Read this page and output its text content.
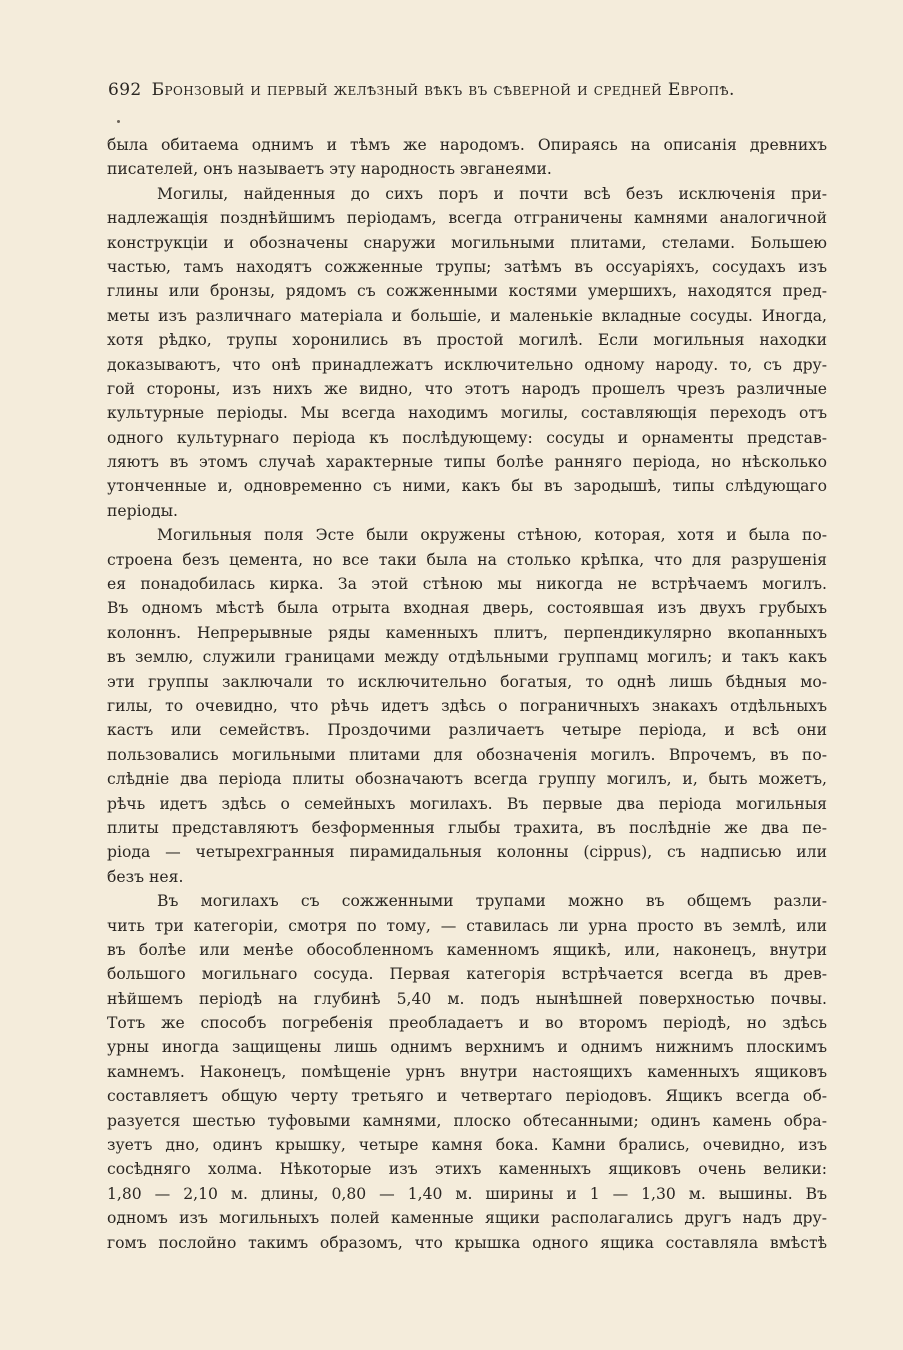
692 Бронзовый и первый желѣзный вѣкъ въ сѣверной и средней Европѣ.
была обитаема однимъ и тѣмъ же народомъ. Опираясь на описанія древнихъ
писателей, онъ называетъ эту народность эвганеями.
Могилы, найденныя до сихъ поръ и почти всѣ безъ исключенія при-
надлежащія позднѣйшимъ періодамъ, всегда отграничены камнями аналогичной
конструкціи и обозначены снаружи могильными плитами, стелами. Большею
частью, тамъ находятъ сожженные трупы; затѣмъ въ оссуаріяхъ, сосудахъ изъ
глины или бронзы, рядомъ съ сожженными костями умершихъ, находятся пред-
меты изъ различнаго матеріала и большіе, и маленькіе вкладные сосуды. Иногда,
хотя рѣдко, трупы хоронились въ простой могилѣ. Если могильныя находки
доказываютъ, что онѣ принадлежатъ исключительно одному народу. то, съ дру-
гой стороны, изъ нихъ же видно, что этотъ народъ прошелъ чрезъ различные
культурные періоды. Мы всегда находимъ могилы, составляющія переходъ отъ
одного культурнаго періода къ послѣдующему: сосуды и орнаменты представ-
ляютъ въ этомъ случаѣ характерные типы болѣе ранняго періода, но нѣсколько
утонченные и, одновременно съ ними, какъ бы въ зародышѣ, типы слѣдующаго
періоды.
Могильныя поля Эсте были окружены стѣною, которая, хотя и была по-
строена безъ цемента, но все таки была на столько крѣпка, что для разрушенія
ея понадобилась кирка. За этой стѣною мы никогда не встрѣчаемъ могилъ.
Въ одномъ мѣстѣ была отрыта входная дверь, состоявшая изъ двухъ грубыхъ
колоннъ. Непрерывные ряды каменныхъ плитъ, перпендикулярно вкопанныхъ
въ землю, служили границами между отдѣльными группамц могилъ; и такъ какъ
эти группы заключали то исключительно богатыя, то однѣ лишь бѣдныя мо-
гилы, то очевидно, что рѣчь идетъ здѣсь о пограничныхъ знакахъ отдѣльныхъ
кастъ или семействъ. Проздочими различаетъ четыре періода, и всѣ они
пользовались могильными плитами для обозначенія могилъ. Впрочемъ, въ по-
слѣдніе два періода плиты обозначаютъ всегда группу могилъ, и, быть можетъ,
рѣчь идетъ здѣсь о семейныхъ могилахъ. Въ первые два періода могильныя
плиты представляютъ безформенныя глыбы трахита, въ послѣдніе же два пе-
ріода — четырехгранныя пирамидальныя колонны (cippus), съ надписью или
безъ нея.
Въ могилахъ съ сожженными трупами можно въ общемъ разли-
чить три категоріи, смотря по тому, — ставилась ли урна просто въ землѣ, или
въ болѣе или менѣе обособленномъ каменномъ ящикѣ, или, наконецъ, внутри
большого могильнаго сосуда. Первая категорія встрѣчается всегда въ древ-
нѣйшемъ періодѣ на глубинѣ 5,40 м. подъ нынѣшней поверхностью почвы.
Тотъ же способъ погребенія преобладаетъ и во второмъ періодѣ, но здѣсь
урны иногда защищены лишь однимъ верхнимъ и однимъ нижнимъ плоскимъ
камнемъ. Наконецъ, помѣщеніе урнъ внутри настоящихъ каменныхъ ящиковъ
составляетъ общую черту третьяго и четвертаго періодовъ. Ящикъ всегда об-
разуется шестью туфовыми камнями, плоско обтесанными; одинъ камень обра-
зуетъ дно, одинъ крышку, четыре камня бока. Камни брались, очевидно, изъ
сосѣдняго холма. Нѣкоторые изъ этихъ каменныхъ ящиковъ очень велики:
1,80 — 2,10 м. длины, 0,80 — 1,40 м. ширины и 1 — 1,30 м. вышины. Въ
одномъ изъ могильныхъ полей каменные ящики располагались другъ надъ дру-
гомъ послойно такимъ образомъ, что крышка одного ящика составляла вмѣстѣ
